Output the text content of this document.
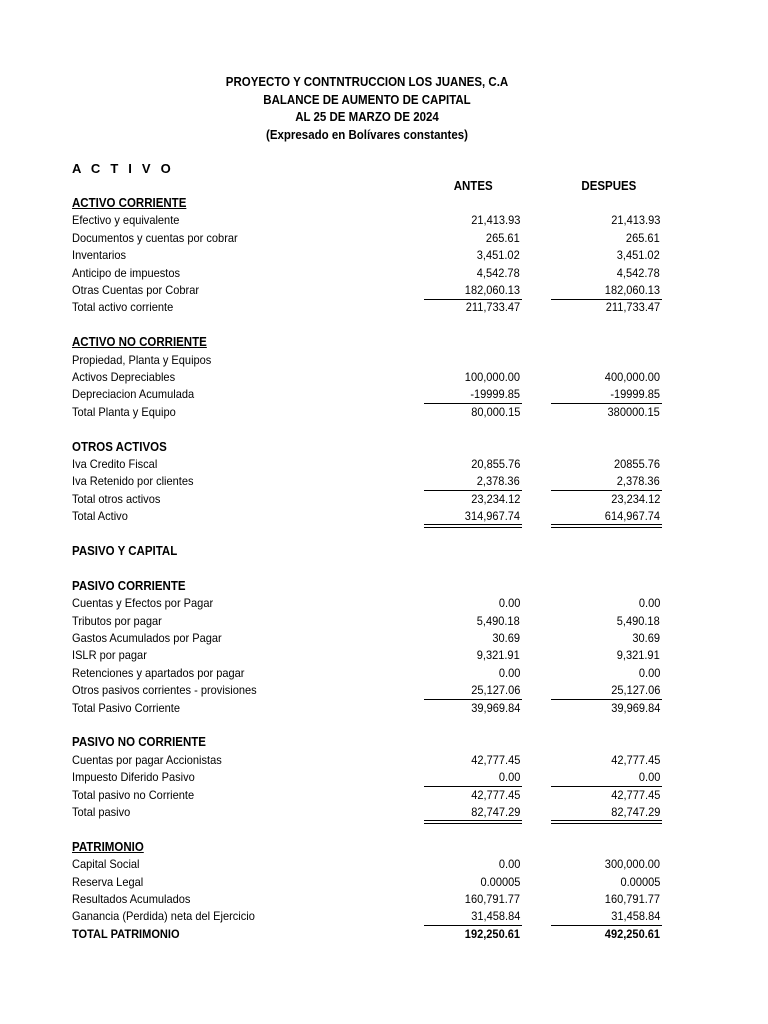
PROYECTO Y CONTNTRUCCION LOS JUANES, C.A
BALANCE DE AUMENTO DE CAPITAL
AL 25 DE MARZO DE 2024
(Expresado en Bolívares constantes)
A C T I V O
ANTES	DESPUES
ACTIVO CORRIENTE
Efectivo y equivalente	21,413.93	21,413.93
Documentos y cuentas por cobrar	265.61	265.61
Inventarios	3,451.02	3,451.02
Anticipo de impuestos	4,542.78	4,542.78
Otras Cuentas por Cobrar	182,060.13	182,060.13
Total activo corriente	211,733.47	211,733.47
ACTIVO NO CORRIENTE
Propiedad, Planta y Equipos
Activos Depreciables	100,000.00	400,000.00
Depreciacion Acumulada	-19999.85	-19999.85
Total Planta y Equipo	80,000.15	380000.15
OTROS ACTIVOS
Iva Credito Fiscal	20,855.76	20855.76
Iva Retenido por clientes	2,378.36	2,378.36
Total otros activos	23,234.12	23,234.12
Total Activo	314,967.74	614,967.74
PASIVO Y CAPITAL
PASIVO CORRIENTE
Cuentas y Efectos por Pagar	0.00	0.00
Tributos por pagar	5,490.18	5,490.18
Gastos Acumulados por Pagar	30.69	30.69
ISLR por pagar	9,321.91	9,321.91
Retenciones y apartados por pagar	0.00	0.00
Otros pasivos corrientes - provisiones	25,127.06	25,127.06
Total Pasivo Corriente	39,969.84	39,969.84
PASIVO NO CORRIENTE
Cuentas por pagar Accionistas	42,777.45	42,777.45
Impuesto Diferido Pasivo	0.00	0.00
Total pasivo no Corriente	42,777.45	42,777.45
Total pasivo	82,747.29	82,747.29
PATRIMONIO
Capital Social	0.00	300,000.00
Reserva Legal	0.00005	0.00005
Resultados Acumulados	160,791.77	160,791.77
Ganancia (Perdida) neta del Ejercicio	31,458.84	31,458.84
TOTAL PATRIMONIO	192,250.61	492,250.61
